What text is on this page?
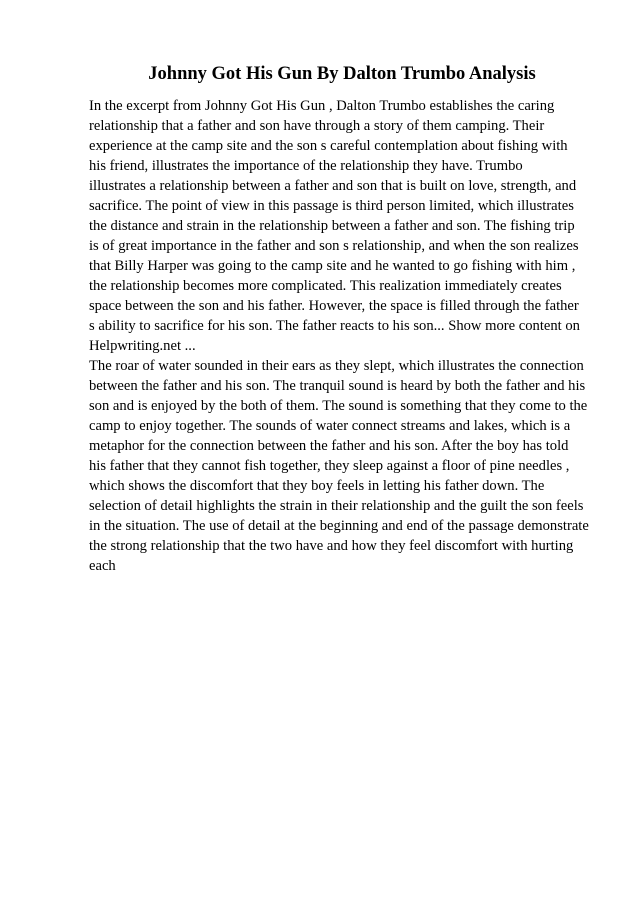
Johnny Got His Gun By Dalton Trumbo Analysis
In the excerpt from Johnny Got His Gun , Dalton Trumbo establishes the caring
relationship that a father and son have through a story of them camping. Their
experience at the camp site and the son s careful contemplation about fishing with
his friend, illustrates the importance of the relationship they have. Trumbo
illustrates a relationship between a father and son that is built on love, strength, and
sacrifice. The point of view in this passage is third person limited, which illustrates
the distance and strain in the relationship between a father and son. The fishing trip
is of great importance in the father and son s relationship, and when the son realizes
that Billy Harper was going to the camp site and he wanted to go fishing with him ,
the relationship becomes more complicated. This realization immediately creates
space between the son and his father. However, the space is filled through the father
s ability to sacrifice for his son. The father reacts to his son... Show more content on
Helpwriting.net ...
The roar of water sounded in their ears as they slept, which illustrates the connection
between the father and his son. The tranquil sound is heard by both the father and his
son and is enjoyed by the both of them. The sound is something that they come to the
camp to enjoy together. The sounds of water connect streams and lakes, which is a
metaphor for the connection between the father and his son. After the boy has told
his father that they cannot fish together, they sleep against a floor of pine needles ,
which shows the discomfort that they boy feels in letting his father down. The
selection of detail highlights the strain in their relationship and the guilt the son feels
in the situation. The use of detail at the beginning and end of the passage demonstrate
the strong relationship that the two have and how they feel discomfort with hurting
each
